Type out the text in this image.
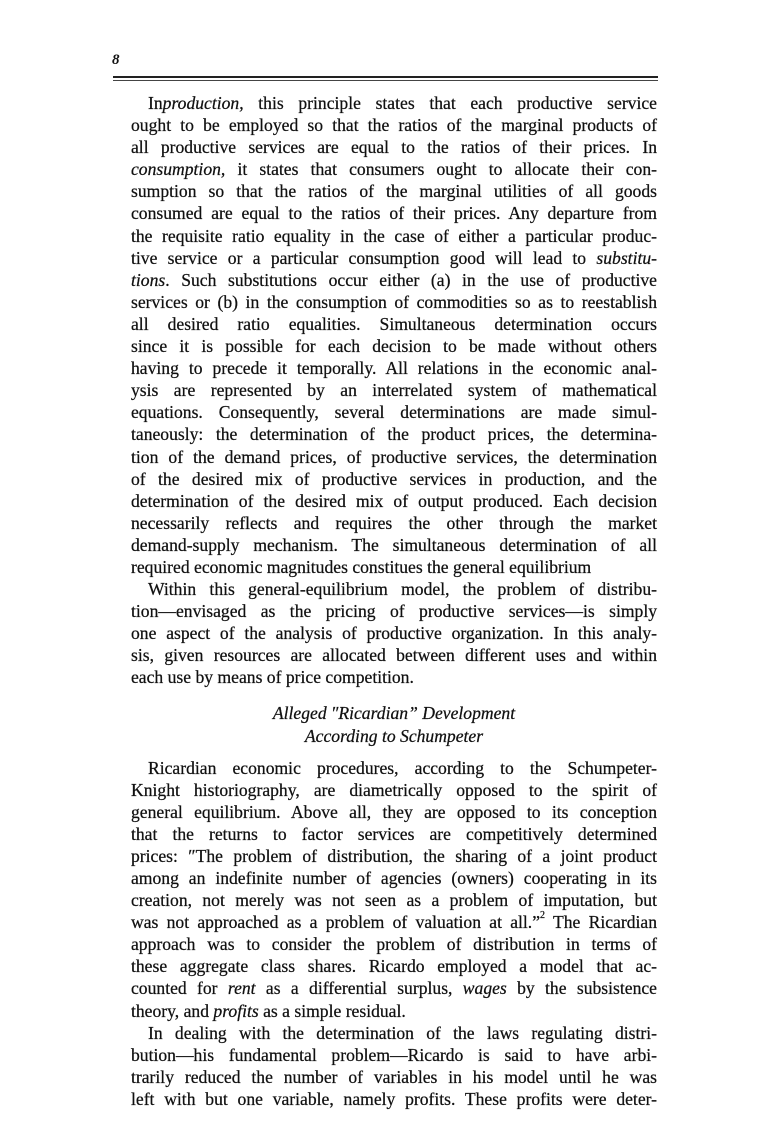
8
Inproduction, this principle states that each productive service
ought to be employed so that the ratios of the marginal products of
all productive services are equal to the ratios of their prices. In
consumption, it states that consumers ought to allocate their con-
sumption so that the ratios of the marginal utilities of all goods
consumed are equal to the ratios of their prices. Any departure from
the requisite ratio equality in the case of either a particular produc-
tive service or a particular consumption good will lead to substitu-
tions. Such substitutions occur either (a) in the use of productive
services or (b) in the consumption of commodities so as to reestablish
all desired ratio equalities. Simultaneous determination occurs
since it is possible for each decision to be made without others
having to precede it temporally. All relations in the economic anal-
ysis are represented by an interrelated system of mathematical
equations. Consequently, several determinations are made simul-
taneously: the determination of the product prices, the determina-
tion of the demand prices, of productive services, the determination
of the desired mix of productive services in production, and the
determination of the desired mix of output produced. Each decision
necessarily reflects and requires the other through the market
demand-supply mechanism. The simultaneous determination of all
required economic magnitudes constitues the general equilibrium
Within this general-equilibrium model, the problem of distribu-
tion—envisaged as the pricing of productive services—is simply
one aspect of the analysis of productive organization. In this analy-
sis, given resources are allocated between different uses and within
each use by means of price competition.
Alleged ″Ricardian” Development
According to Schumpeter
Ricardian economic procedures, according to the Schumpeter-
Knight historiography, are diametrically opposed to the spirit of
general equilibrium. Above all, they are opposed to its conception
that the returns to factor services are competitively determined
prices: ″The problem of distribution, the sharing of a joint product
among an indefinite number of agencies (owners) cooperating in its
creation, not merely was not seen as a problem of imputation, but
was not approached as a problem of valuation at all.”$^2$ The Ricardian
approach was to consider the problem of distribution in terms of
these aggregate class shares. Ricardo employed a model that ac-
counted for rent as a differential surplus, wages by the subsistence
theory, and profits as a simple residual.
In dealing with the determination of the laws regulating distri-
bution—his fundamental problem—Ricardo is said to have arbi-
trarily reduced the number of variables in his model until he was
left with but one variable, namely profits. These profits were deter-
